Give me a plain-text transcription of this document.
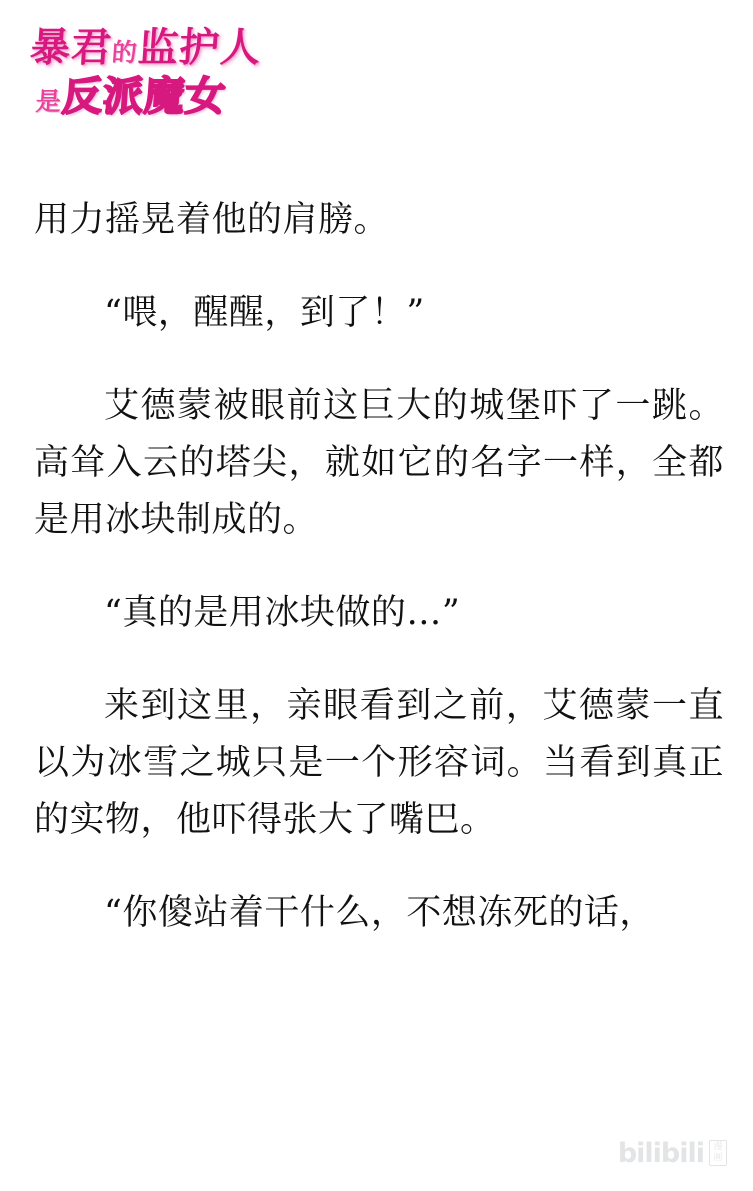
暴君的监护人
是反派魔女

用力摇晃着他的肩膀。

“喂，醒醒，到了！”

艾德蒙被眼前这巨大的城堡吓了一跳。高耸入云的塔尖，就如它的名字一样，全都是用冰块制成的。

“真的是用冰块做的…”

来到这里，亲眼看到之前，艾德蒙一直以为冰雪之城只是一个形容词。当看到真正的实物，他吓得张大了嘴巴。

“你傻站着干什么，不想冻死的话，

bilibili	漫画
